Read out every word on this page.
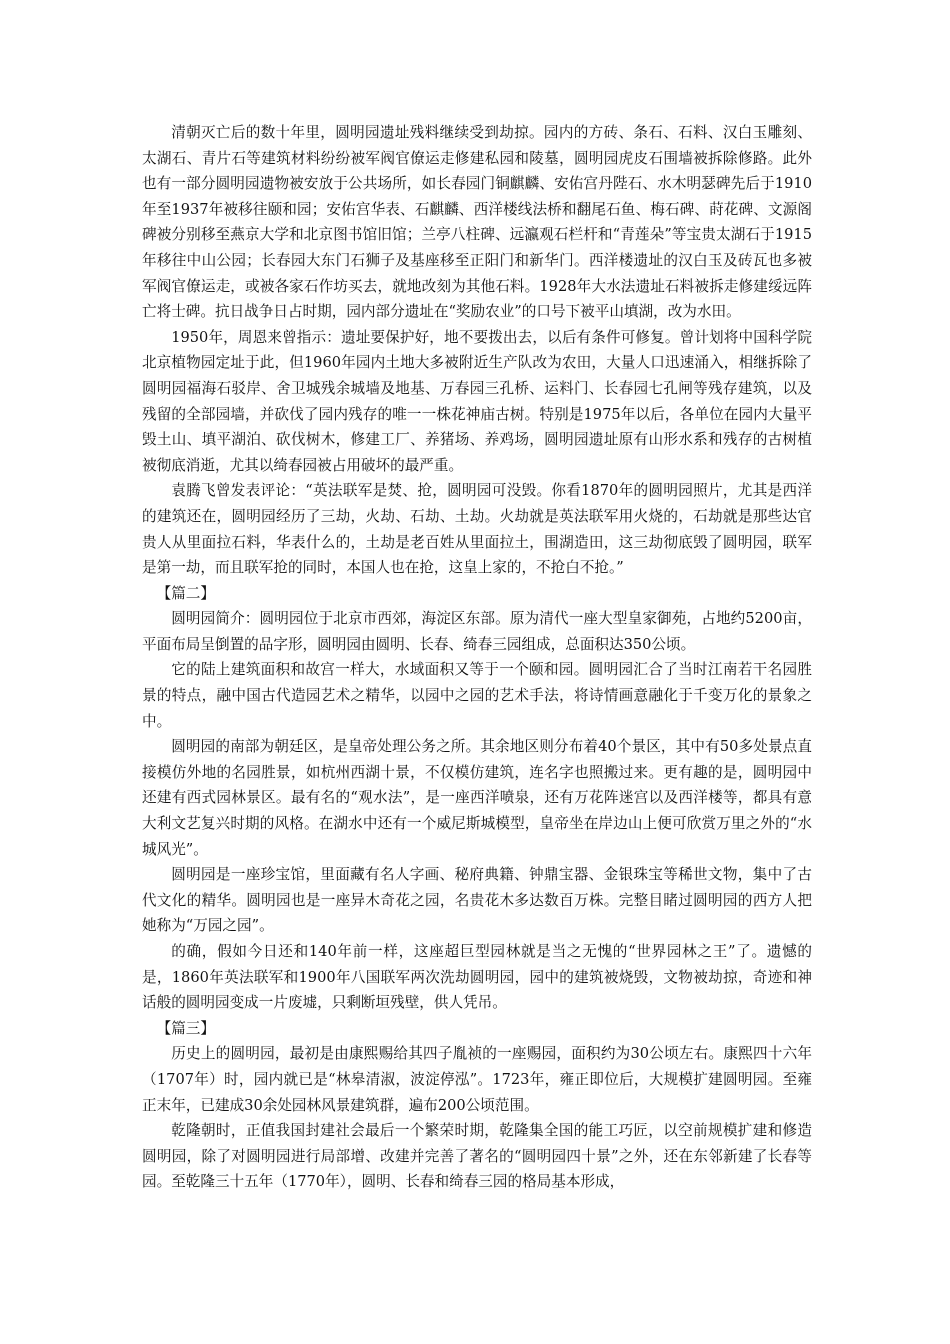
清朝灭亡后的数十年里，圆明园遗址残料继续受到劫掠。园内的方砖、条石、石料、汉白玉雕刻、太湖石、青片石等建筑材料纷纷被军阀官僚运走修建私园和陵墓，圆明园虎皮石围墙被拆除修路。此外也有一部分圆明园遗物被安放于公共场所，如长春园门铜麒麟、安佑宫丹陛石、水木明瑟碑先后于1910年至1937年被移往颐和园；安佑宫华表、石麒麟、西洋楼线法桥和翻尾石鱼、梅石碑、莳花碑、文源阁碑被分别移至燕京大学和北京图书馆旧馆；兰亭八柱碑、远瀛观石栏杆和“青莲朵”等宝贵太湖石于1915年移往中山公园；长春园大东门石狮子及基座移至正阳门和新华门。西洋楼遗址的汉白玉及砖瓦也多被军阀官僚运走，或被各家石作坊买去，就地改刻为其他石料。1928年大水法遗址石料被拆走修建绥远阵亡将士碑。抗日战争日占时期，园内部分遗址在“奖励农业”的口号下被平山填湖，改为水田。

1950年，周恩来曾指示：遗址要保护好，地不要拨出去，以后有条件可修复。曾计划将中国科学院北京植物园定址于此，但1960年园内土地大多被附近生产队改为农田，大量人口迅速涌入，相继拆除了圆明园福海石驳岸、舍卫城残余城墙及地基、万春园三孔桥、运料门、长春园七孔闸等残存建筑，以及残留的全部园墙，并砍伐了园内残存的唯一一株花神庙古树。特别是1975年以后，各单位在园内大量平毁土山、填平湖泊、砍伐树木，修建工厂、养猪场、养鸡场，圆明园遗址原有山形水系和残存的古树植被彻底消逝，尤其以绮春园被占用破坏的最严重。

袁腾飞曾发表评论：“英法联军是焚、抢，圆明园可没毁。你看1870年的圆明园照片，尤其是西洋的建筑还在，圆明园经历了三劫，火劫、石劫、土劫。火劫就是英法联军用火烧的，石劫就是那些达官贵人从里面拉石料，华表什么的，土劫是老百姓从里面拉土，围湖造田，这三劫彻底毁了圆明园，联军是第一劫，而且联军抢的同时，本国人也在抢，这皇上家的，不抢白不抢。”

【篇二】

圆明园简介：圆明园位于北京市西郊，海淀区东部。原为清代一座大型皇家御苑，占地约5200亩，平面布局呈倒置的品字形，圆明园由圆明、长春、绮春三园组成，总面积达350公顷。

它的陆上建筑面积和故宫一样大，水域面积又等于一个颐和园。圆明园汇合了当时江南若干名园胜景的特点，融中国古代造园艺术之精华，以园中之园的艺术手法，将诗情画意融化于千变万化的景象之中。

圆明园的南部为朝廷区，是皇帝处理公务之所。其余地区则分布着40个景区，其中有50多处景点直接模仿外地的名园胜景，如杭州西湖十景，不仅模仿建筑，连名字也照搬过来。更有趣的是，圆明园中还建有西式园林景区。最有名的“观水法”，是一座西洋喷泉，还有万花阵迷宫以及西洋楼等，都具有意大利文艺复兴时期的风格。在湖水中还有一个威尼斯城模型，皇帝坐在岸边山上便可欣赏万里之外的“水城风光”。

圆明园是一座珍宝馆，里面藏有名人字画、秘府典籍、钟鼎宝器、金银珠宝等稀世文物，集中了古代文化的精华。圆明园也是一座异木奇花之园，名贵花木多达数百万株。完整目睹过圆明园的西方人把她称为“万园之园”。

的确，假如今日还和140年前一样，这座超巨型园林就是当之无愧的“世界园林之王”了。遗憾的是，1860年英法联军和1900年八国联军两次洗劫圆明园，园中的建筑被烧毁，文物被劫掠，奇迹和神话般的圆明园变成一片废墟，只剩断垣残壁，供人凭吊。

【篇三】

历史上的圆明园，最初是由康熙赐给其四子胤祯的一座赐园，面积约为30公顷左右。康熙四十六年（1707年）时，园内就已是“林皋清淑，波淀停泓”。1723年，雍正即位后，大规模扩建圆明园。至雍正末年，已建成30余处园林风景建筑群，遍布200公顷范围。

乾隆朝时，正值我国封建社会最后一个繁荣时期，乾隆集全国的能工巧匠，以空前规模扩建和修造圆明园，除了对圆明园进行局部增、改建并完善了著名的“圆明园四十景”之外，还在东邻新建了长春等园。至乾隆三十五年（1770年），圆明、长春和绮春三园的格局基本形成，
